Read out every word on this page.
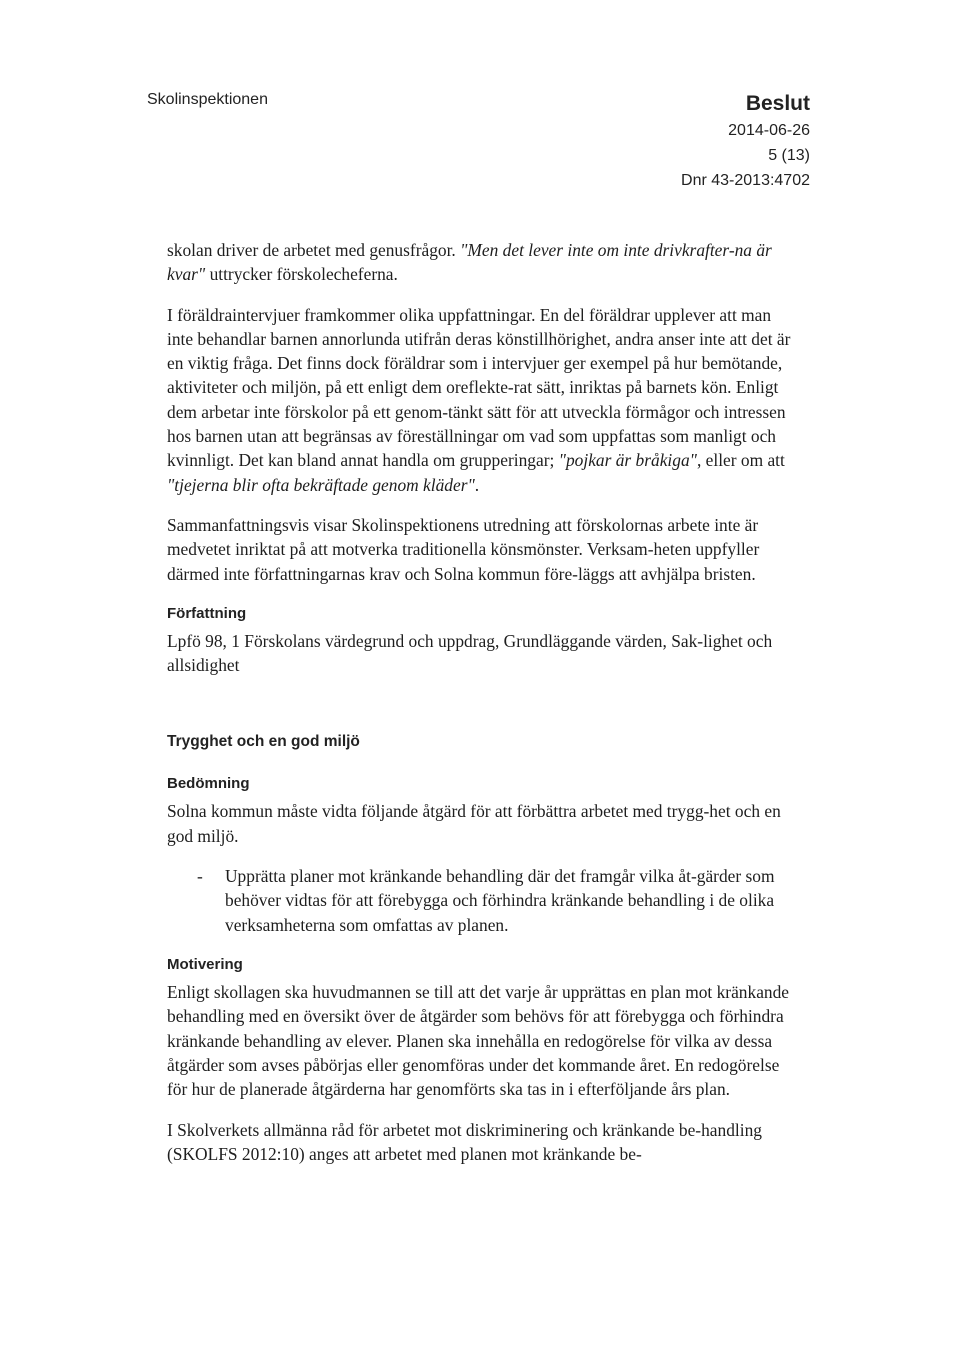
Skolinspektionen	Beslut
2014-06-26
5 (13)
Dnr 43-2013:4702

skolan driver de arbetet med genusfrågor. "Men det lever inte om inte drivkrafter-na är kvar" uttrycker förskolecheferna.

I föräldraintervjuer framkommer olika uppfattningar. En del föräldrar upplever att man inte behandlar barnen annorlunda utifrån deras könstillhörighet, andra anser inte att det är en viktig fråga. Det finns dock föräldrar som i intervjuer ger exempel på hur bemötande, aktiviteter och miljön, på ett enligt dem oreflekte-rat sätt, inriktas på barnets kön. Enligt dem arbetar inte förskolor på ett genom-tänkt sätt för att utveckla förmågor och intressen hos barnen utan att begränsas av föreställningar om vad som uppfattas som manligt och kvinnligt. Det kan bland annat handla om grupperingar; "pojkar är bråkiga", eller om att "tjejerna blir ofta bekräftade genom kläder".

Sammanfattningsvis visar Skolinspektionens utredning att förskolornas arbete inte är medvetet inriktat på att motverka traditionella könsmönster. Verksam-heten uppfyller därmed inte författningarnas krav och Solna kommun före-läggs att avhjälpa bristen.

Författning

Lpfö 98, 1 Förskolans värdegrund och uppdrag, Grundläggande värden, Sak-lighet och allsidighet

Trygghet och en god miljö
Bedömning

Solna kommun måste vidta följande åtgärd för att förbättra arbetet med trygg-het och en god miljö.

-	Upprätta planer mot kränkande behandling där det framgår vilka åt-gärder som behöver vidtas för att förebygga och förhindra kränkande behandling i de olika verksamheterna som omfattas av planen.
Motivering

Enligt skollagen ska huvudmannen se till att det varje år upprättas en plan mot kränkande behandling med en översikt över de åtgärder som behövs för att förebygga och förhindra kränkande behandling av elever. Planen ska innehålla en redogörelse för vilka av dessa åtgärder som avses påbörjas eller genomföras under det kommande året. En redogörelse för hur de planerade åtgärderna har genomförts ska tas in i efterföljande års plan.

I Skolverkets allmänna råd för arbetet mot diskriminering och kränkande be-handling (SKOLFS 2012:10) anges att arbetet med planen mot kränkande be-
